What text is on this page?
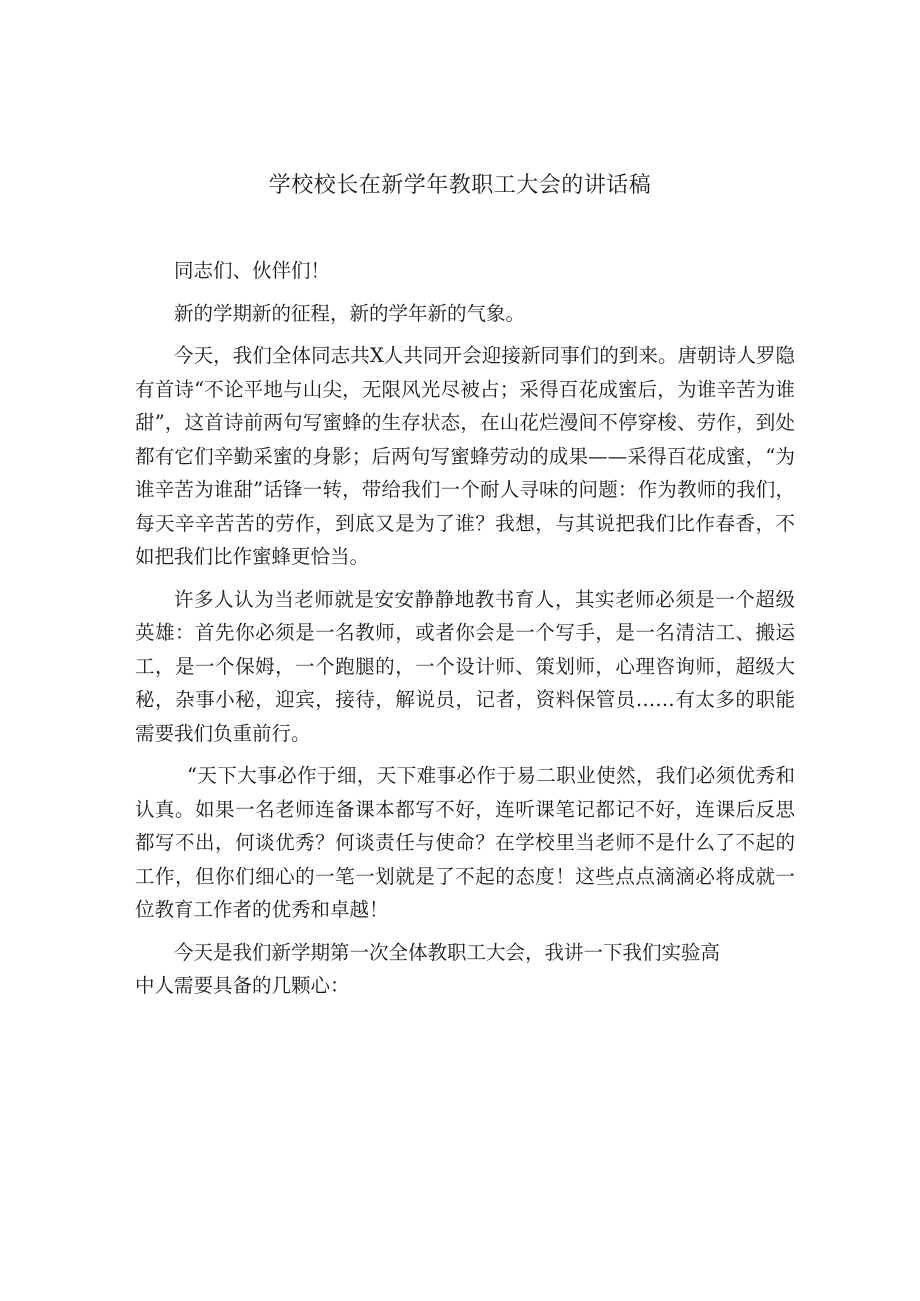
学校校长在新学年教职工大会的讲话稿

同志们、伙伴们！

新的学期新的征程，新的学年新的气象。

今天，我们全体同志共X人共同开会迎接新同事们的到来。唐朝诗人罗隐有首诗“不论平地与山尖，无限风光尽被占；采得百花成蜜后，为谁辛苦为谁甜”，这首诗前两句写蜜蜂的生存状态，在山花烂漫间不停穿梭、劳作，到处都有它们辛勤采蜜的身影；后两句写蜜蜂劳动的成果——采得百花成蜜，“为谁辛苦为谁甜”话锋一转，带给我们一个耐人寻味的问题：作为教师的我们，每天辛辛苦苦的劳作，到底又是为了谁？我想，与其说把我们比作春香，不如把我们比作蜜蜂更恰当。

许多人认为当老师就是安安静静地教书育人，其实老师必须是一个超级英雄：首先你必须是一名教师，或者你会是一个写手，是一名清洁工、搬运工，是一个保姆，一个跑腿的，一个设计师、策划师，心理咨询师，超级大秘，杂事小秘，迎宾，接待，解说员，记者，资料保管员……有太多的职能需要我们负重前行。

“天下大事必作于细，天下难事必作于易二职业使然，我们必须优秀和认真。如果一名老师连备课本都写不好，连听课笔记都记不好，连课后反思都写不出，何谈优秀？何谈责任与使命？在学校里当老师不是什么了不起的工作，但你们细心的一笔一划就是了不起的态度！这些点点滴滴必将成就一位教育工作者的优秀和卓越！

今天是我们新学期第一次全体教职工大会，我讲一下我们实验高
中人需要具备的几颗心：
